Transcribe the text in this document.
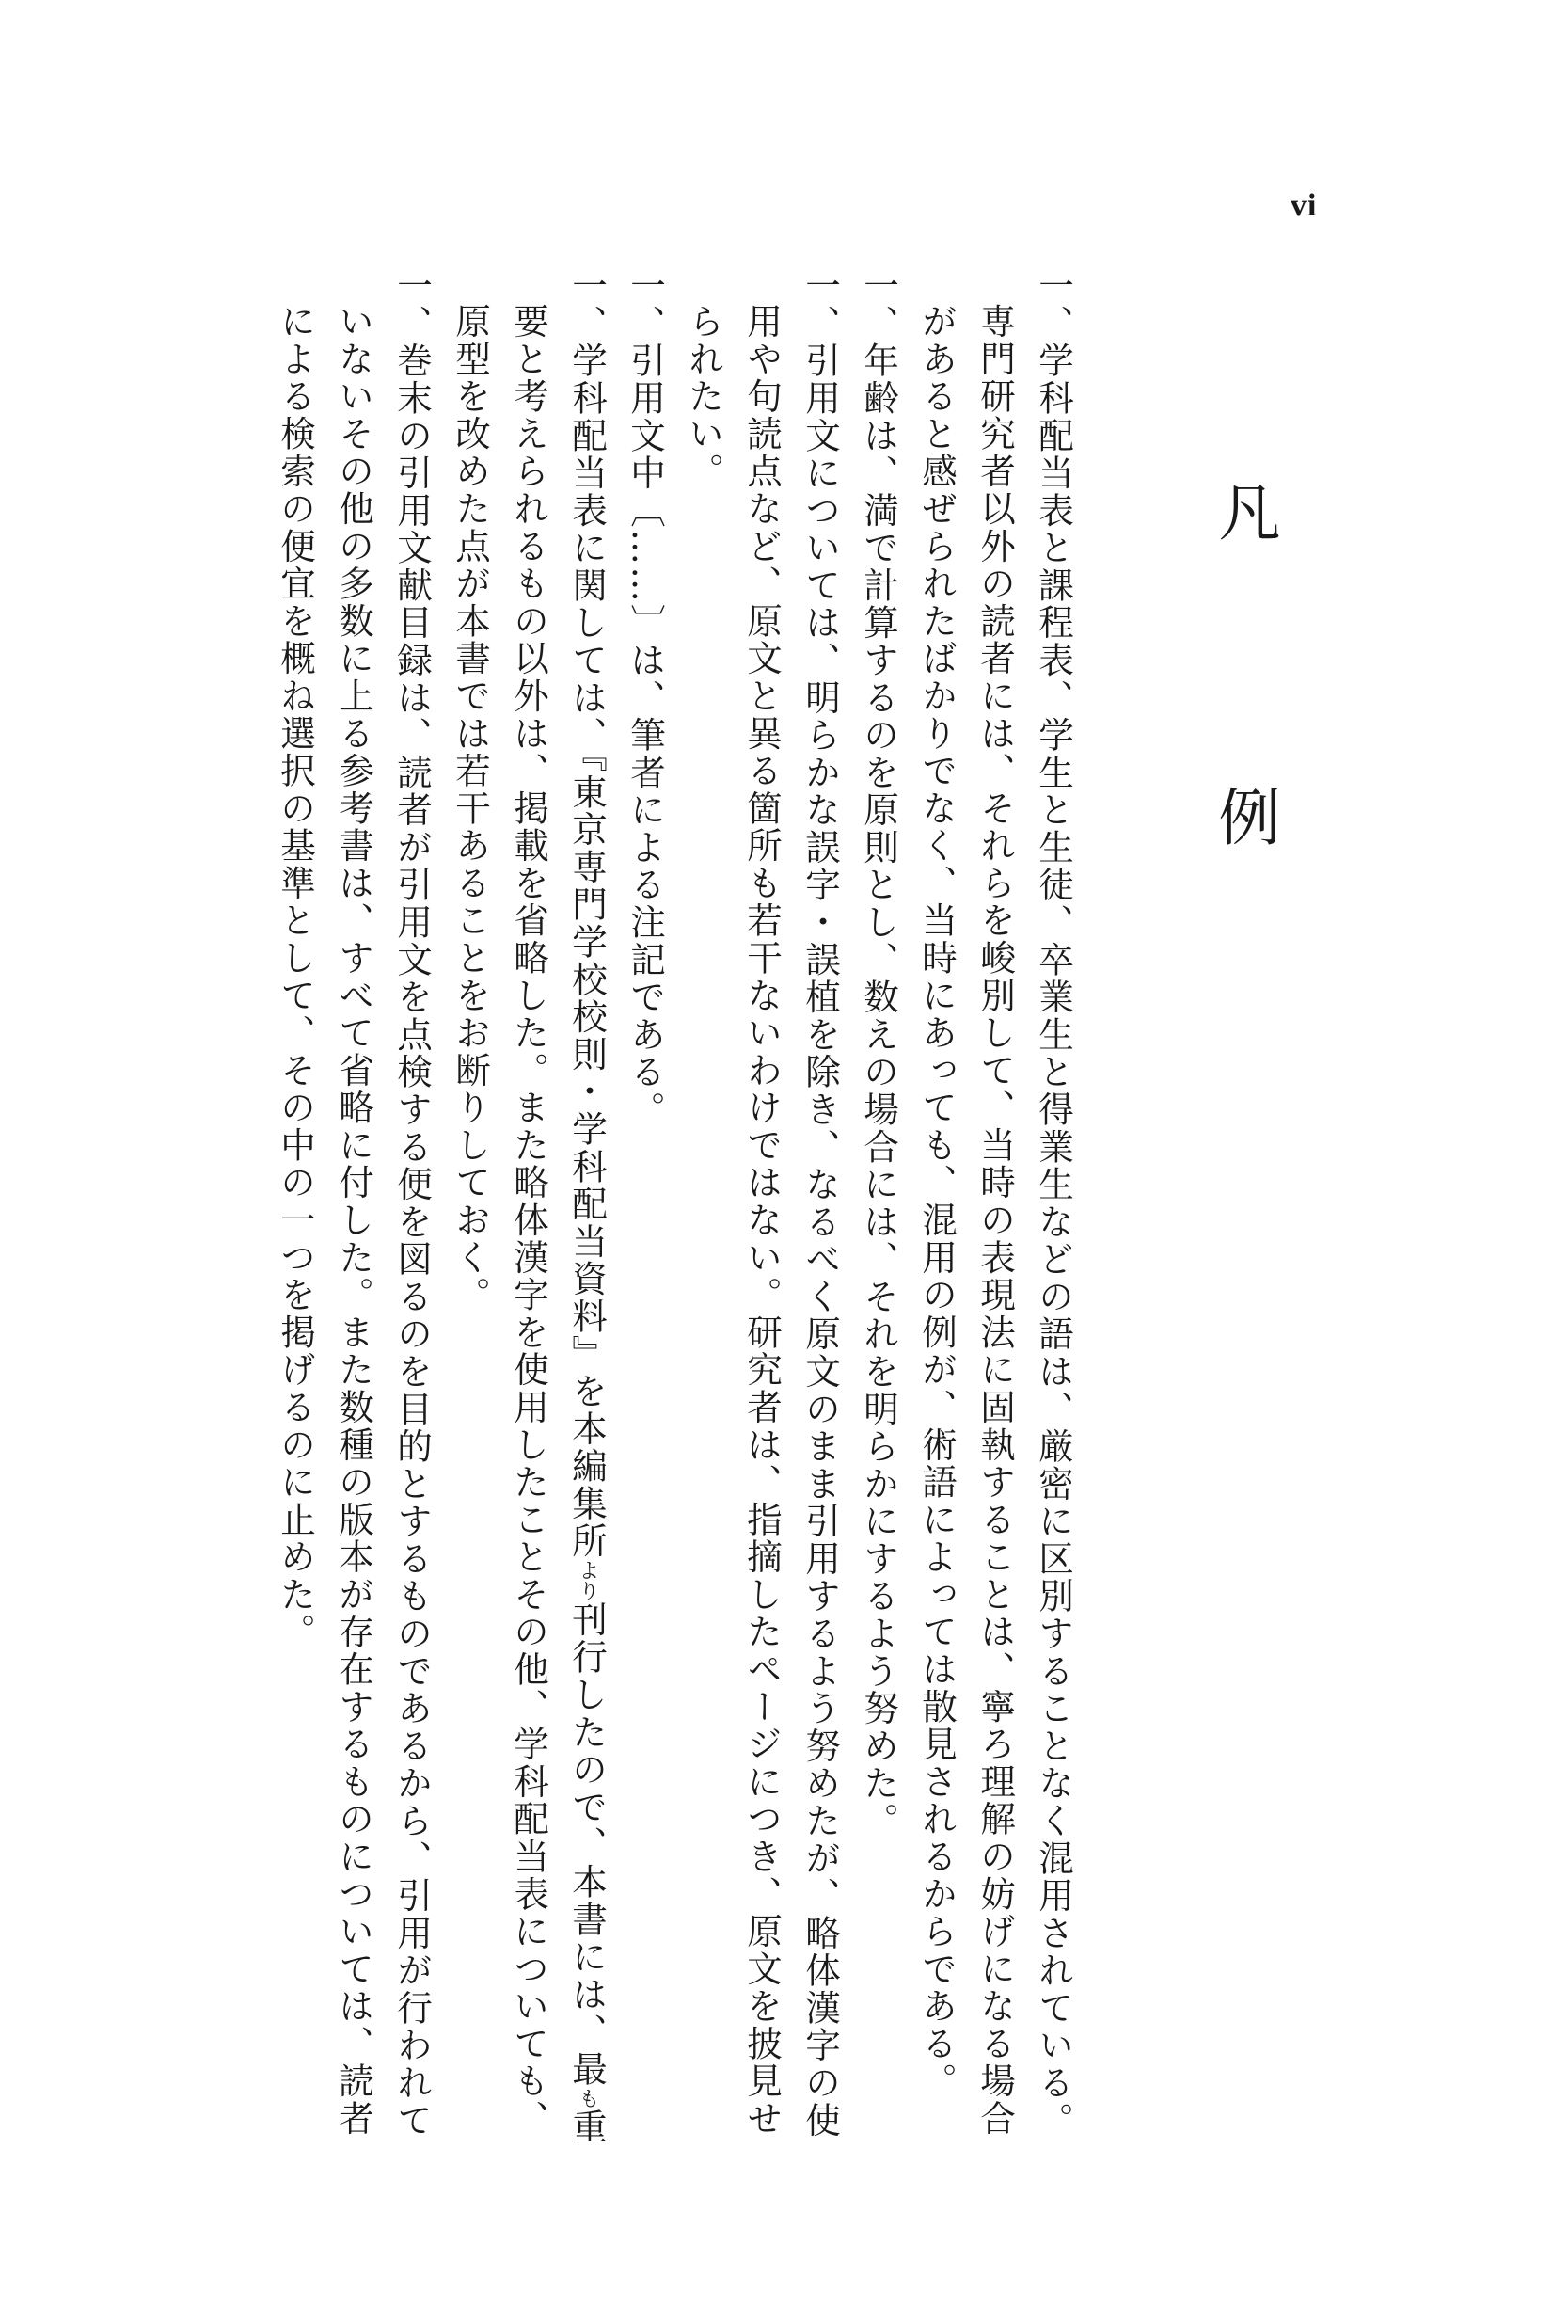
vi
凡　例

一、学科配当表と課程表、学生と生徒、卒業生と得業生などの語は、厳密に区別することなく混用されている。専門研究者以外の読者には、それらを峻別して、当時の表現法に固執することは、寧ろ理解の妨げになる場合があると感ぜられたばかりでなく、当時にあっても、混用の例が、術語によっては散見されるからである。

一、年齢は、満で計算するのを原則とし、数えの場合には、それを明らかにするよう努めた。

一、引用文については、明らかな誤字・誤植を除き、なるべく原文のまま引用するよう努めたが、略体漢字の使用や句読点など、原文と異る箇所も若干ないわけではない。研究者は、指摘したページにつき、原文を披見せられたい。

一、引用文中〔……〕は、筆者による注記である。

一、学科配当表に関しては、『東京専門学校校則・学科配当資料』を本編集所より刊行したので、本書には、最も重要と考えられるもの以外は、掲載を省略した。また略体漢字を使用したことその他、学科配当表についても、原型を改めた点が本書では若干あることをお断りしておく。

一、巻末の引用文献目録は、読者が引用文を点検する便を図るのを目的とするものであるから、引用が行われていないその他の多数に上る参考書は、すべて省略に付した。また数種の版本が存在するものについては、読者による検索の便宜を概ね選択の基準として、その中の一つを掲げるのに止めた。
